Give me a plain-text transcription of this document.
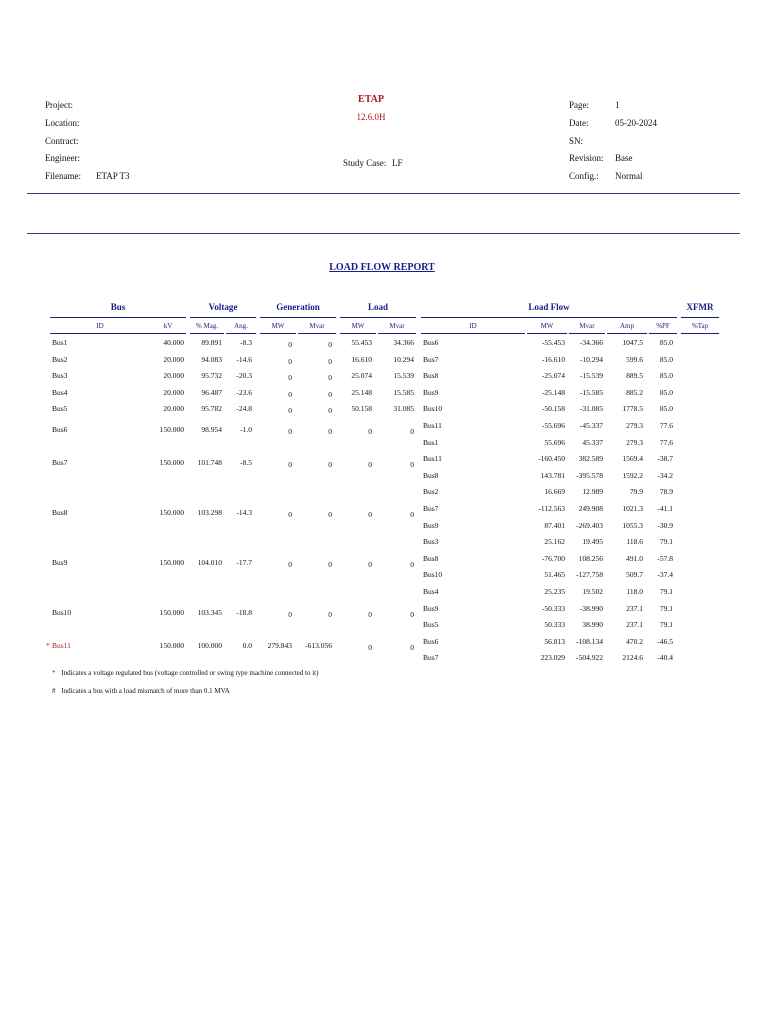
Project:
Location:
Contract:
Engineer:
Filename: ETAP T3
ETAP
12.6.0H
Study Case: LF
Page:
Date:
SN:
Revision:
Config.:
1
05-20-2024
Base
Normal
LOAD FLOW REPORT
Bus	Voltage	Generation	Load	Load Flow	XFMR
ID	kV	% Mag.	Ang.	MW	Mvar	MW	Mvar	ID	MW	Mvar	Amp	%PF	%Tap
Bus1	40.000	89.891	-8.3	0	0	55.453	34.366 Bus6	-55.453	-34.366	1047.5	85.0
Bus2	20.000	94.083	-14.6	0	0	16.610	10.294 Bus7	-16.610	-10.294	599.6	85.0
Bus3	20.000	95.732	-20.3	0	0	25.074	15.539 Bus8	-25.074	-15.539	889.5	85.0
Bus4	20.000	96.487	-23.6	0	0	25.148	15.585 Bus9	-25.148	-15.585	885.2	85.0
Bus5	20.000	95.782	-24.8	0	0	50.158	31.085 Bus10	-50.158	-31.085	1778.5	85.0
Bus6	150.000	98.954	-1.0	0	0	0	0
Bus11	-55.696	-45.337	279.3	77.6
Bus1	55.696	45.337	279.3	77.6
Bus7	150.000	101.748	-8.5	0	0	0	0
Bus11	-160.450	382.589	1569.4	-38.7
Bus8	143.781	-395.578	1592.2	-34.2
Bus2	16.669	12.989	79.9	78.9
Bus8	150.000	103.298	-14.3	0	0	0	0
Bus7	-112.563	249.908	1021.3	-41.1
Bus9	87.401	-269.403	1055.3	-30.9
Bus3	25.162	19.495	118.6	79.1
Bus9	150.000	104.010	-17.7	0	0	0	0
Bus8	-76.700	108.256	491.0	-57.8
Bus10	51.465	-127.758	509.7	-37.4
Bus4	25.235	19.502	118.0	79.1
Bus10	150.000	103.345	-18.8	0	0	0	0
Bus9	-50.333	-38.990	237.1	79.1
Bus5	50.333	38.990	237.1	79.1
* Bus11	150.000	100.000	0.0	279.843	-613.056	0	0
Bus6	56.813	-108.134	470.2	-46.5
Bus7	223.029	-504.922	2124.6	-40.4
* Indicates a voltage regulated bus (voltage controlled or swing type machine connected to it)
# Indicates a bus with a load mismatch of more than 0.1 MVA
